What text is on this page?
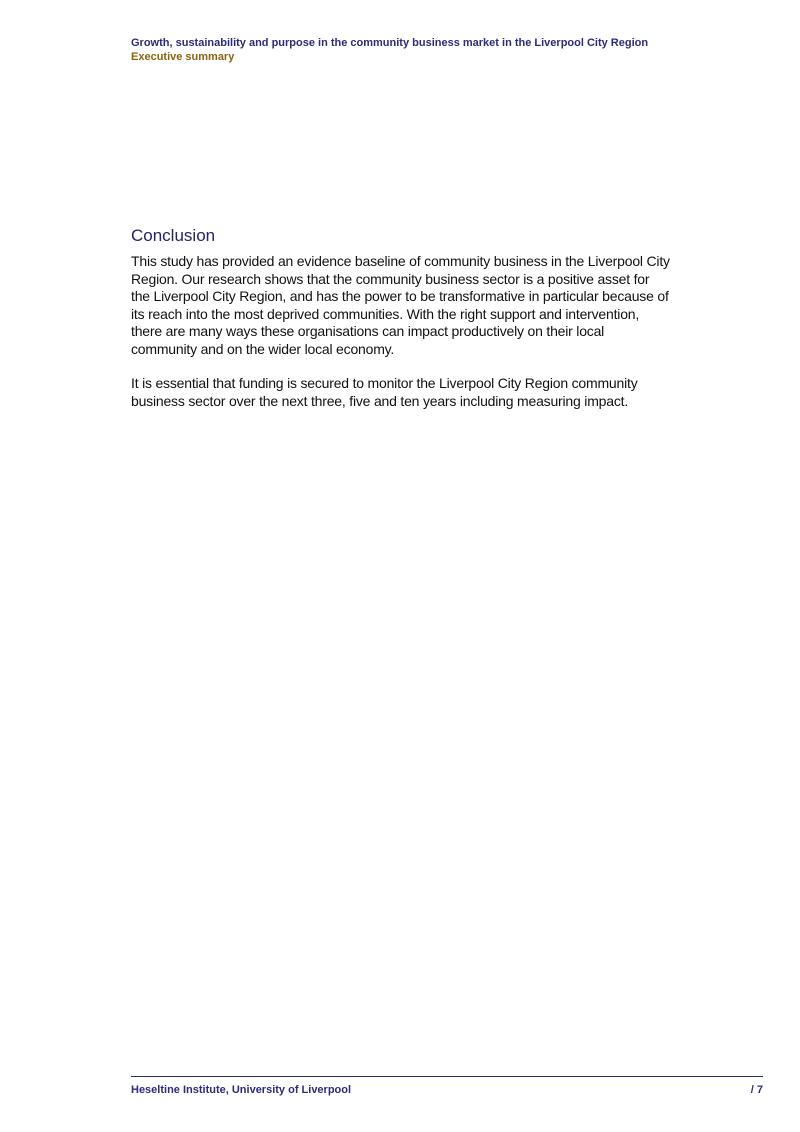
Growth, sustainability and purpose in the community business market in the Liverpool City Region
Executive summary
Conclusion

This study has provided an evidence baseline of community business in the Liverpool City Region. Our research shows that the community business sector is a positive asset for the Liverpool City Region, and has the power to be transformative in particular because of its reach into the most deprived communities. With the right support and intervention, there are many ways these organisations can impact productively on their local community and on the wider local economy.

It is essential that funding is secured to monitor the Liverpool City Region community business sector over the next three, five and ten years including measuring impact.

Heseltine Institute, University of Liverpool	/ 7
